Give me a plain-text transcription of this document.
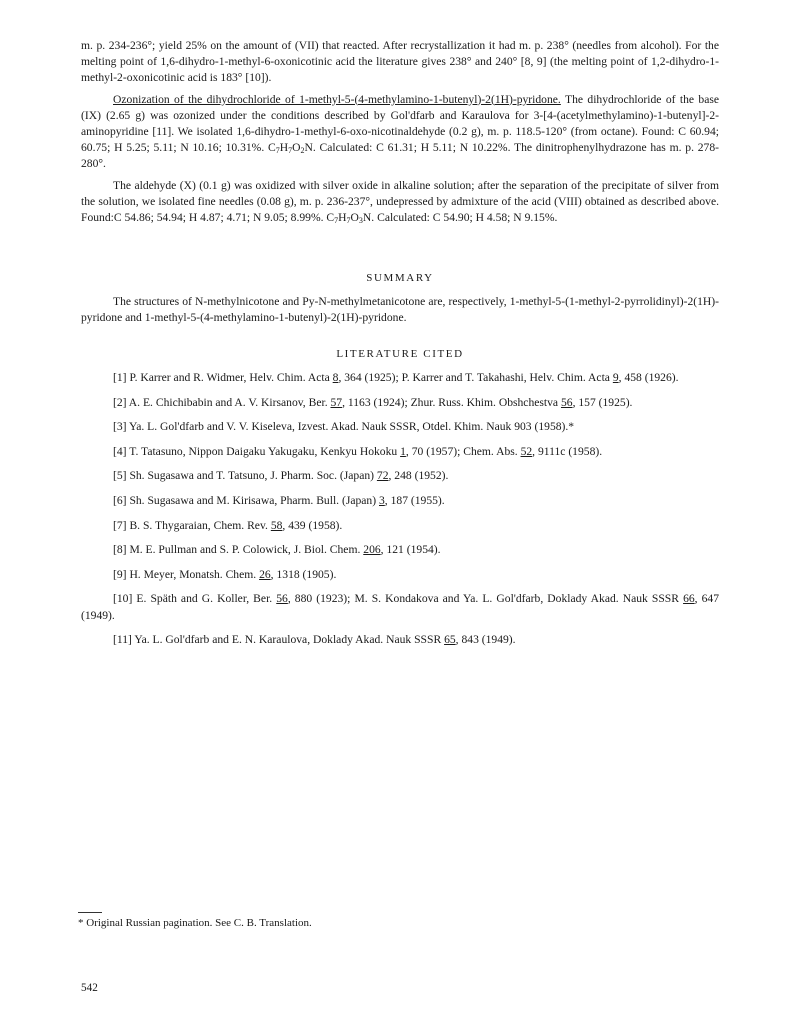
m. p. 234-236°; yield 25% on the amount of (VII) that reacted. After recrystallization it had m. p. 238° (needles from alcohol). For the melting point of 1,6-dihydro-1-methyl-6-oxonicotinic acid the literature gives 238° and 240° [8, 9] (the melting point of 1,2-dihydro-1-methyl-2-oxonicotinic acid is 183° [10]).

Ozonization of the dihydrochloride of 1-methyl-5-(4-methylamino-1-butenyl)-2(1H)-pyridone. The dihydrochloride of the base (IX) (2.65 g) was ozonized under the conditions described by Gol'dfarb and Karaulova for 3-[4-(acetylmethylamino)-1-butenyl]-2-aminopyridine [11]. We isolated 1,6-dihydro-1-methyl-6-oxo-nicotinaldehyde (0.2 g), m. p. 118.5-120° (from octane). Found: C 60.94; 60.75; H 5.25; 5.11; N 10.16; 10.31%. $C_7H_7O_2N$. Calculated: C 61.31; H 5.11; N 10.22%. The dinitrophenylhydrazone has m. p. 278-280°.

The aldehyde (X) (0.1 g) was oxidized with silver oxide in alkaline solution; after the separation of the precipitate of silver from the solution, we isolated fine needles (0.08 g), m. p. 236-237°, undepressed by admixture of the acid (VIII) obtained as described above. Found:C 54.86; 54.94; H 4.87; 4.71; N 9.05; 8.99%. $C_7H_7O_3N$. Calculated: C 54.90; H 4.58; N 9.15%.

SUMMARY

The structures of N-methylnicotone and Py-N-methylmetanicotone are, respectively, 1-methyl-5-(1-methyl-2-pyrrolidinyl)-2(1H)-pyridone and 1-methyl-5-(4-methylamino-1-butenyl)-2(1H)-pyridone.

LITERATURE CITED

[1] P. Karrer and R. Widmer, Helv. Chim. Acta 8, 364 (1925); P. Karrer and T. Takahashi, Helv. Chim. Acta 9, 458 (1926).

[2] A. E. Chichibabin and A. V. Kirsanov, Ber. 57, 1163 (1924); Zhur. Russ. Khim. Obshchestva 56, 157 (1925).

[3] Ya. L. Gol'dfarb and V. V. Kiseleva, Izvest. Akad. Nauk SSSR, Otdel. Khim. Nauk 903 (1958).*

[4] T. Tatasuno, Nippon Daigaku Yakugaku, Kenkyu Hokoku 1, 70 (1957); Chem. Abs. 52, 9111c (1958).

[5] Sh. Sugasawa and T. Tatsuno, J. Pharm. Soc. (Japan) 72, 248 (1952).

[6] Sh. Sugasawa and M. Kirisawa, Pharm. Bull. (Japan) 3, 187 (1955).

[7] B. S. Thygaraian, Chem. Rev. 58, 439 (1958).

[8] M. E. Pullman and S. P. Colowick, J. Biol. Chem. 206, 121 (1954).

[9] H. Meyer, Monatsh. Chem. 26, 1318 (1905).

[10] E. Späth and G. Koller, Ber. 56, 880 (1923); M. S. Kondakova and Ya. L. Gol'dfarb, Doklady Akad. Nauk SSSR 66, 647 (1949).

[11] Ya. L. Gol'dfarb and E. N. Karaulova, Doklady Akad. Nauk SSSR 65, 843 (1949).

* Original Russian pagination. See C. B. Translation.
542
